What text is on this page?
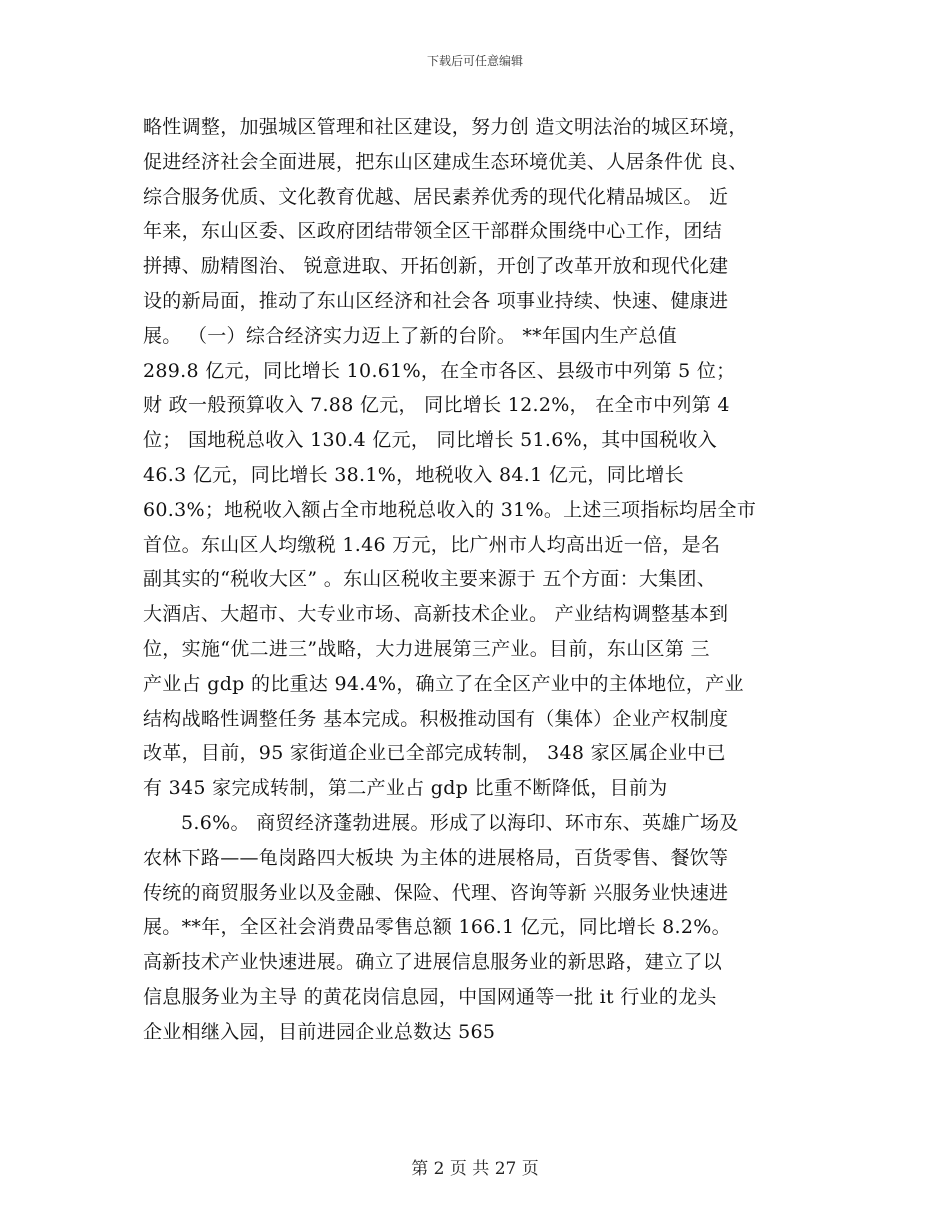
下载后可任意编辑
略性调整，加强城区管理和社区建设，努力创 造文明法治的城区环境，
促进经济社会全面进展，把东山区建成生态环境优美、人居条件优 良、
综合服务优质、文化教育优越、居民素养优秀的现代化精品城区。 近
年来，东山区委、区政府团结带领全区干部群众围绕中心工作，团结
拼搏、励精图治、 锐意进取、开拓创新，开创了改革开放和现代化建
设的新局面，推动了东山区经济和社会各 项事业持续、快速、健康进
展。 （一）综合经济实力迈上了新的台阶。 **年国内生产总值
289.8 亿元，同比增长 10.61%，在全市各区、县级市中列第 5 位；
财 政一般预算收入 7.88 亿元， 同比增长 12.2%， 在全市中列第 4
位； 国地税总收入 130.4 亿元， 同比增长 51.6%，其中国税收入
46.3 亿元，同比增长 38.1%，地税收入 84.1 亿元，同比增长
60.3%；地税收入额占全市地税总收入的 31%。上述三项指标均居全市
首位。东山区人均缴税 1.46 万元，比广州市人均高出近一倍，是名
副其实的“税收大区” 。东山区税收主要来源于 五个方面：大集团、
大酒店、大超市、大专业市场、高新技术企业。 产业结构调整基本到
位，实施“优二进三”战略，大力进展第三产业。目前，东山区第 三
产业占 gdp 的比重达 94.4%，确立了在全区产业中的主体地位，产业
结构战略性调整任务 基本完成。积极推动国有（集体）企业产权制度
改革，目前，95 家街道企业已全部完成转制， 348 家区属企业中已
有 345 家完成转制，第二产业占 gdp 比重不断降低，目前为
5.6%。 商贸经济蓬勃进展。形成了以海印、环市东、英雄广场及
农林下路——龟岗路四大板块 为主体的进展格局，百货零售、餐饮等
传统的商贸服务业以及金融、保险、代理、咨询等新 兴服务业快速进
展。**年，全区社会消费品零售总额 166.1 亿元，同比增长 8.2%。
高新技术产业快速进展。确立了进展信息服务业的新思路，建立了以
信息服务业为主导 的黄花岗信息园，中国网通等一批 it 行业的龙头
企业相继入园，目前进园企业总数达 565
第 2 页 共 27 页
